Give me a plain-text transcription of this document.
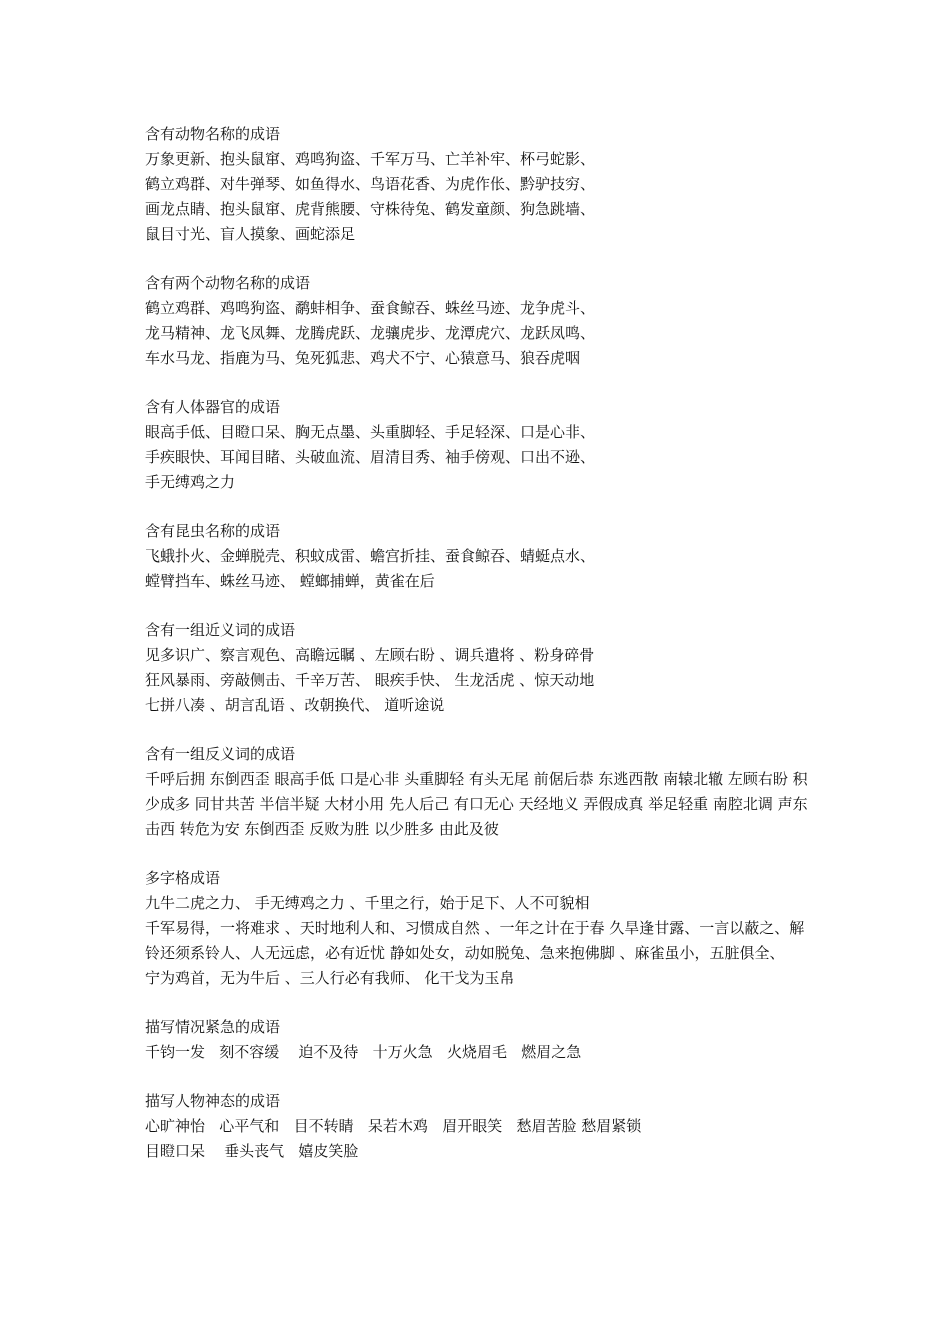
含有动物名称的成语
万象更新、抱头鼠窜、鸡鸣狗盗、千军万马、亡羊补牢、杯弓蛇影、
鹤立鸡群、对牛弹琴、如鱼得水、鸟语花香、为虎作伥、黔驴技穷、
画龙点睛、抱头鼠窜、虎背熊腰、守株待兔、鹤发童颜、狗急跳墙、
鼠目寸光、盲人摸象、画蛇添足
含有两个动物名称的成语
鹤立鸡群、鸡鸣狗盗、鹬蚌相争、蚕食鲸吞、蛛丝马迹、龙争虎斗、
龙马精神、龙飞凤舞、龙腾虎跃、龙骧虎步、龙潭虎穴、龙跃凤鸣、
车水马龙、指鹿为马、兔死狐悲、鸡犬不宁、心猿意马、狼吞虎咽
含有人体器官的成语
眼高手低、目瞪口呆、胸无点墨、头重脚轻、手足轻深、口是心非、
手疾眼快、耳闻目睹、头破血流、眉清目秀、袖手傍观、口出不逊、
手无缚鸡之力
含有昆虫名称的成语
飞蛾扑火、金蝉脱壳、积蚊成雷、蟾宫折挂、蚕食鲸吞、蜻蜓点水、
螳臂挡车、蛛丝马迹、 螳螂捕蝉，黄雀在后
含有一组近义词的成语
见多识广、察言观色、高瞻远瞩 、左顾右盼 、调兵遣将 、粉身碎骨
狂风暴雨、旁敲侧击、千辛万苦、 眼疾手快、 生龙活虎 、惊天动地
七拼八凑 、胡言乱语 、改朝换代、 道听途说
含有一组反义词的成语
千呼后拥 东倒西歪 眼高手低 口是心非 头重脚轻 有头无尾 前倨后恭 东逃西散 南辕北辙 左顾右盼 积少成多 同甘共苦 半信半疑 大材小用 先人后己 有口无心 天经地义 弄假成真 举足轻重 南腔北调 声东击西 转危为安 东倒西歪 反败为胜 以少胜多 由此及彼
多字格成语
九牛二虎之力、 手无缚鸡之力 、千里之行，始于足下、人不可貌相
千军易得，一将难求 、天时地利人和、习惯成自然 、一年之计在于春 久旱逢甘露、一言以蔽之、解铃还须系铃人、人无远虑，必有近忧 静如处女，动如脱兔、急来抱佛脚 、麻雀虽小，五脏俱全、
宁为鸡首，无为牛后 、三人行必有我师、 化干戈为玉帛
描写情况紧急的成语
千钧一发   刻不容缓    迫不及待   十万火急   火烧眉毛   燃眉之急
描写人物神态的成语
心旷神怡   心平气和   目不转睛   呆若木鸡   眉开眼笑   愁眉苦脸 愁眉紧锁
目瞪口呆    垂头丧气   嬉皮笑脸
